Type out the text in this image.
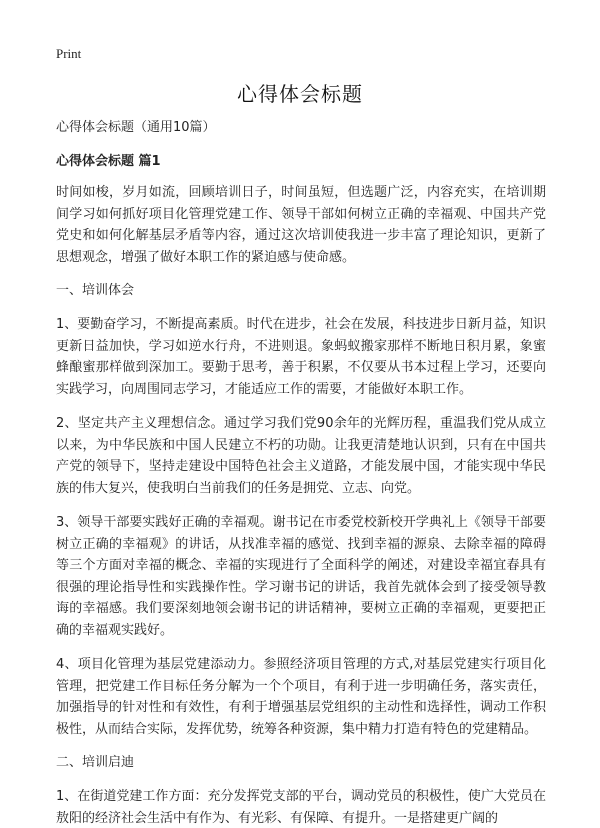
Print
心得体会标题

心得体会标题（通用10篇）

心得体会标题 篇1

时间如梭，岁月如流，回顾培训日子，时间虽短，但选题广泛，内容充实，在培训期间学习如何抓好项目化管理党建工作、领导干部如何树立正确的幸福观、中国共产党党史和如何化解基层矛盾等内容，通过这次培训使我进一步丰富了理论知识，更新了思想观念，增强了做好本职工作的紧迫感与使命感。

一、培训体会

1、要勤奋学习，不断提高素质。时代在进步，社会在发展，科技进步日新月益，知识更新日益加快，学习如逆水行舟，不进则退。象蚂蚁搬家那样不断地日积月累，象蜜蜂酿蜜那样做到深加工。要勤于思考，善于积累，不仅要从书本过程上学习，还要向实践学习，向周围同志学习，才能适应工作的需要，才能做好本职工作。

2、坚定共产主义理想信念。通过学习我们党90余年的光辉历程，重温我们党从成立以来，为中华民族和中国人民建立不朽的功勋。让我更清楚地认识到，只有在中国共产党的领导下，坚持走建设中国特色社会主义道路，才能发展中国，才能实现中华民族的伟大复兴，使我明白当前我们的任务是拥党、立志、向党。

3、领导干部要实践好正确的幸福观。谢书记在市委党校新校开学典礼上《领导干部要树立正确的幸福观》的讲话，从找准幸福的感觉、找到幸福的源泉、去除幸福的障碍等三个方面对幸福的概念、幸福的实现进行了全面科学的阐述，对建设幸福宜春具有很强的理论指导性和实践操作性。学习谢书记的讲话，我首先就体会到了接受领导教诲的幸福感。我们要深刻地领会谢书记的讲话精神，要树立正确的幸福观，更要把正确的幸福观实践好。

4、项目化管理为基层党建添动力。参照经济项目管理的方式,对基层党建实行项目化管理，把党建工作目标任务分解为一个个项目，有利于进一步明确任务，落实责任，加强指导的针对性和有效性，有利于增强基层党组织的主动性和选择性，调动工作积极性，从而结合实际，发挥优势，统筹各种资源，集中精力打造有特色的党建精品。

二、培训启迪

1、在街道党建工作方面：充分发挥党支部的平台，调动党员的积极性，使广大党员在敖阳的经济社会生活中有作为、有光彩、有保障、有提升。一是搭建更广阔的
